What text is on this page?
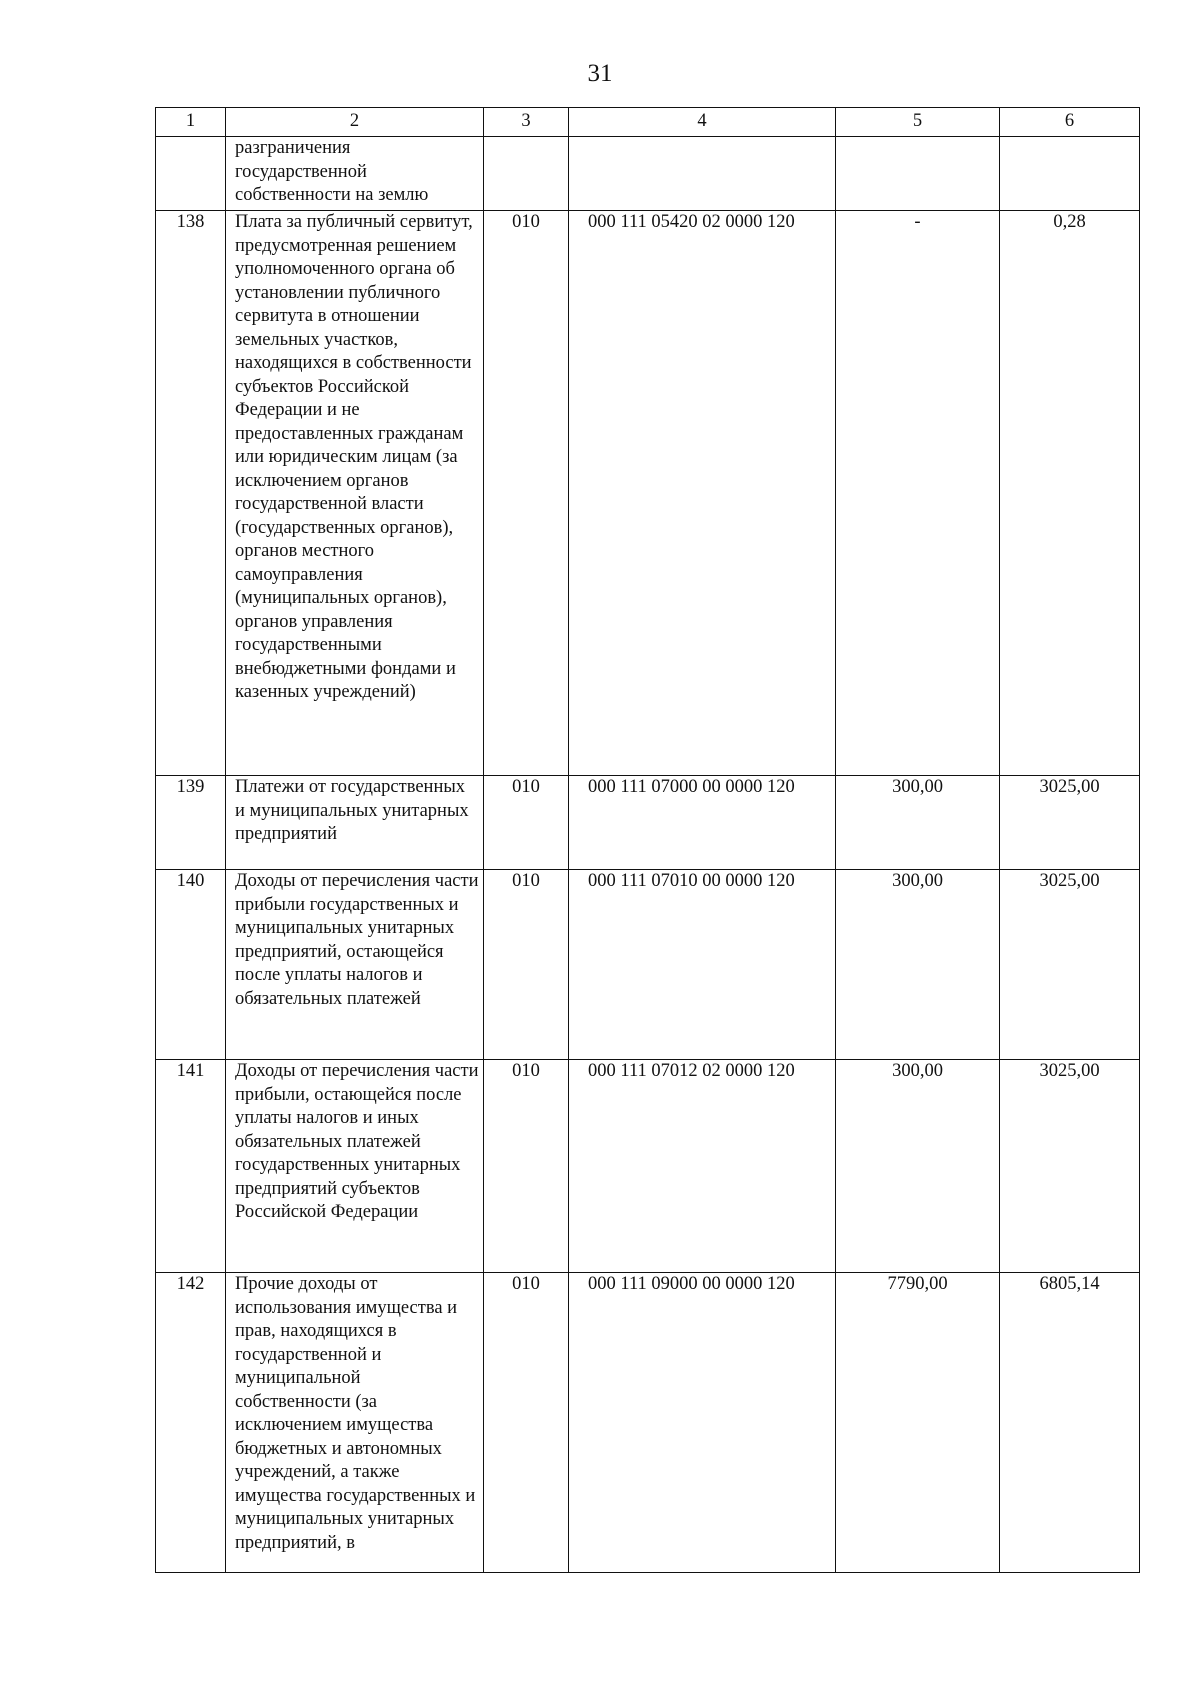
31
1	2	3	4	5	6
	разграничения государственной собственности на землю				
138	Плата за публичный сервитут, предусмотренная решением уполномоченного органа об установлении публичного сервитута в отношении земельных участков, находящихся в собственности субъектов Российской Федерации и не предоставленных гражданам или юридическим лицам (за исключением органов государственной власти (государственных органов), органов местного самоуправления (муниципальных органов), органов управления государственными внебюджетными фондами и казенных учреждений)	010	000 111 05420 02 0000 120	-	0,28
139	Платежи от государственных и муниципальных унитарных предприятий	010	000 111 07000 00 0000 120	300,00	3025,00
140	Доходы от перечисления части прибыли государственных и муниципальных унитарных предприятий, остающейся после уплаты налогов и обязательных платежей	010	000 111 07010 00 0000 120	300,00	3025,00
141	Доходы от перечисления части прибыли, остающейся после уплаты налогов и иных обязательных платежей государственных унитарных предприятий субъектов Российской Федерации	010	000 111 07012 02 0000 120	300,00	3025,00
142	Прочие доходы от использования имущества и прав, находящихся в государственной и муниципальной собственности (за исключением имущества бюджетных и автономных учреждений, а также имущества государственных и муниципальных унитарных предприятий, в	010	000 111 09000 00 0000 120	7790,00	6805,14
